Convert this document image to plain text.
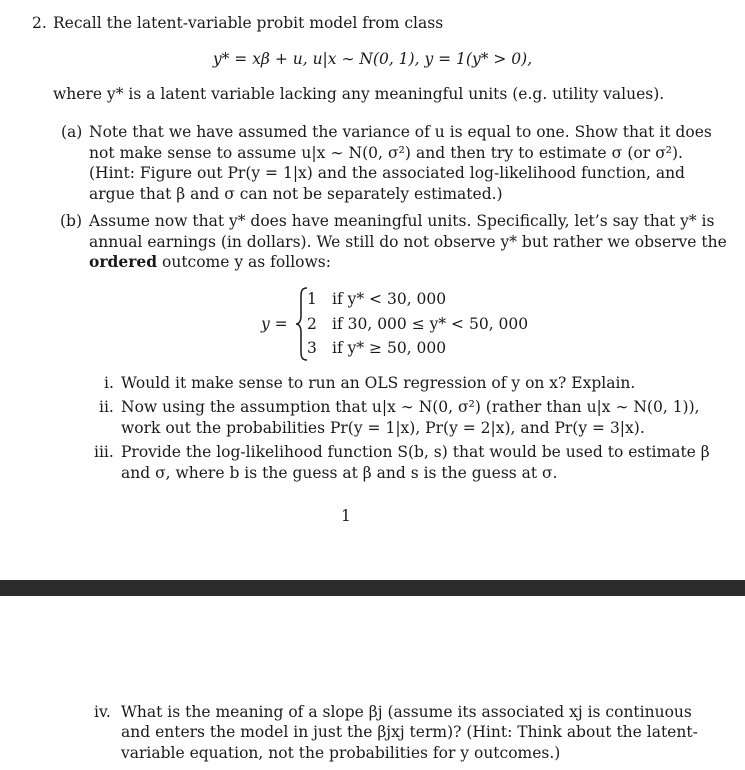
2. Recall the latent-variable probit model from class
y* = xβ + u, u|x ∼ N(0, 1), y = 1(y* > 0),
where y* is a latent variable lacking any meaningful units (e.g. utility values).
(a) Note that we have assumed the variance of u is equal to one. Show that it does
not make sense to assume u|x ∼ N(0, σ²) and then try to estimate σ (or σ²).
(Hint: Figure out Pr(y = 1|x) and the associated log-likelihood function, and
argue that β and σ can not be separately estimated.)
(b) Assume now that y* does have meaningful units. Specifically, let’s say that y* is
annual earnings (in dollars). We still do not observe y* but rather we observe the
ordered outcome y as follows:
y =
1 if y* < 30, 000
2 if 30, 000 ≤ y* < 50, 000
3 if y* ≥ 50, 000
i. Would it make sense to run an OLS regression of y on x? Explain.
ii. Now using the assumption that u|x ∼ N(0, σ²) (rather than u|x ∼ N(0, 1)),
work out the probabilities Pr(y = 1|x), Pr(y = 2|x), and Pr(y = 3|x).
iii. Provide the log-likelihood function S(b, s) that would be used to estimate β
and σ, where b is the guess at β and s is the guess at σ.
1
iv. What is the meaning of a slope βj (assume its associated xj is continuous
and enters the model in just the βjxj term)? (Hint: Think about the latent-
variable equation, not the probabilities for y outcomes.)
